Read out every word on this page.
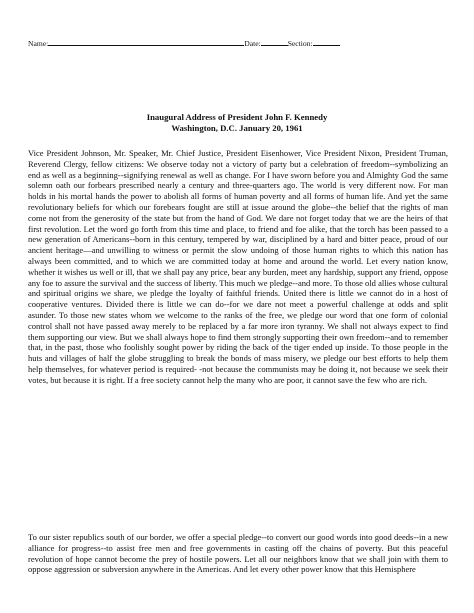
Name:	Date:	Section:
Inaugural Address of President John F. Kennedy
Washington, D.C. January 20, 1961
Vice President Johnson, Mr. Speaker, Mr. Chief Justice, President Eisenhower, Vice President Nixon, President Truman, Reverend Clergy, fellow citizens: We observe today not a victory of party but a celebration of freedom--symbolizing an end as well as a beginning--signifying renewal as well as change. For I have sworn before you and Almighty God the same solemn oath our forbears prescribed nearly a century and three-quarters ago. The world is very different now. For man holds in his mortal hands the power to abolish all forms of human poverty and all forms of human life. And yet the same revolutionary beliefs for which our forebears fought are still at issue around the globe--the belief that the rights of man come not from the generosity of the state but from the hand of God. We dare not forget today that we are the heirs of that first revolution. Let the word go forth from this time and place, to friend and foe alike, that the torch has been passed to a new generation of Americans--born in this century, tempered by war, disciplined by a hard and bitter peace, proud of our ancient heritage—and unwilling to witness or permit the slow undoing of those human rights to which this nation has always been committed, and to which we are committed today at home and around the world. Let every nation know, whether it wishes us well or ill, that we shall pay any price, bear any burden, meet any hardship, support any friend, oppose any foe to assure the survival and the success of liberty. This much we pledge--and more. To those old allies whose cultural and spiritual origins we share, we pledge the loyalty of faithful friends. United there is little we cannot do in a host of cooperative ventures. Divided there is little we can do--for we dare not meet a powerful challenge at odds and split asunder. To those new states whom we welcome to the ranks of the free, we pledge our word that one form of colonial control shall not have passed away merely to be replaced by a far more iron tyranny. We shall not always expect to find them supporting our view. But we shall always hope to find them strongly supporting their own freedom--and to remember that, in the past, those who foolishly sought power by riding the back of the tiger ended up inside. To those people in the huts and villages of half the globe struggling to break the bonds of mass misery, we pledge our best efforts to help them help themselves, for whatever period is required- -not because the communists may be doing it, not because we seek their votes, but because it is right. If a free society cannot help the many who are poor, it cannot save the few who are rich.
To our sister republics south of our border, we offer a special pledge--to convert our good words into good deeds--in a new alliance for progress--to assist free men and free governments in casting off the chains of poverty. But this peaceful revolution of hope cannot become the prey of hostile powers. Let all our neighbors know that we shall join with them to oppose aggression or subversion anywhere in the Americas. And let every other power know that this Hemisphere
